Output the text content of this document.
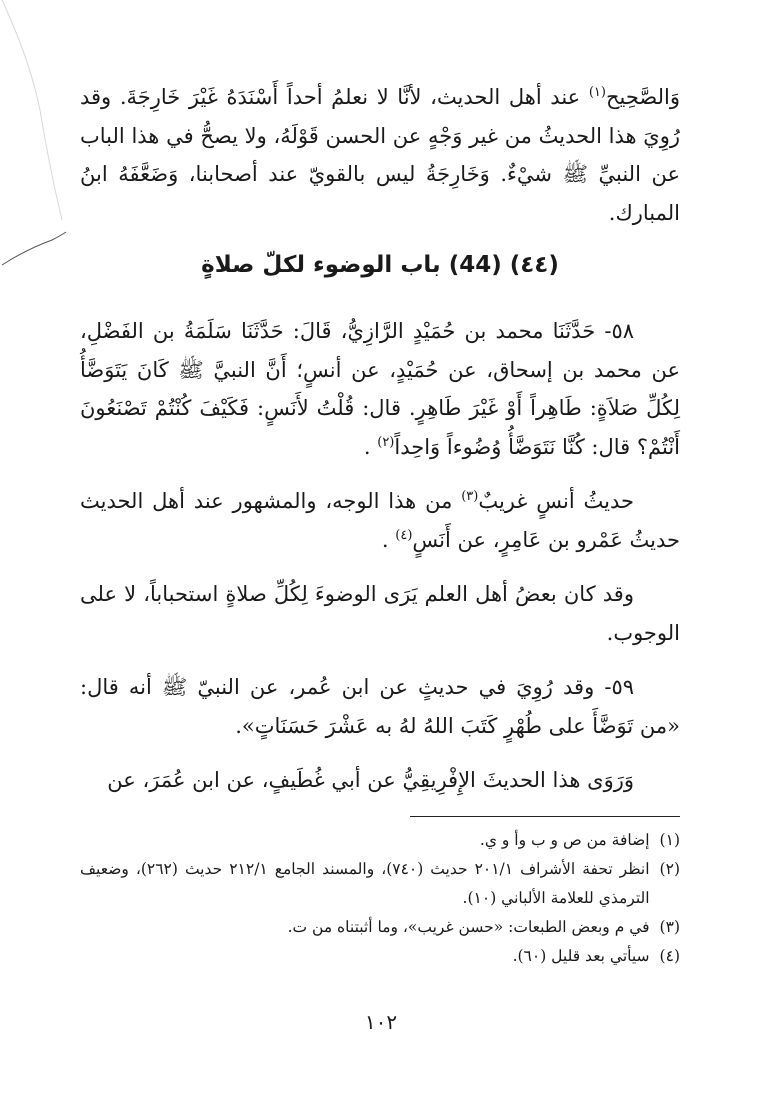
وَالصَّحِيح$^{(١)}$ عند أهل الحديث، لأنَّا لا نعلمُ أحداً أَسْنَدَهُ غَيْرَ خَارِجَةَ. وقد رُوِيَ هذا الحديثُ من غير وَجْهٍ عن الحسن قَوْلَهُ، ولا يصحُّ في هذا الباب عن النبيِّ ﷺ شيْءٌ. وَخَارِجَةُ ليس بالقويّ عند أصحابنا، وَضَعَّفَهُ ابنُ المبارك.

(٤٤) (44) باب الوضوء لكلّ صلاةٍ

٥٨- حَدَّثَنَا محمد بن حُمَيْدٍ الرَّازِيُّ، قَالَ: حَدَّثَنَا سَلَمَةُ بن الفَضْلِ، عن محمد بن إسحاق، عن حُمَيْدٍ، عن أنسٍ؛ أَنَّ النبيَّ ﷺ كَانَ يَتَوَضَّأُ لِكُلِّ صَلاَةٍ: طَاهِراً أَوْ غَيْرَ طَاهِرٍ. قال: قُلْتُ لأَنَسٍ: فَكَيْفَ كُنْتُمْ تَصْنَعُونَ أَنْتُمْ؟ قال: كُنَّا نَتَوَضَّأُ وُضُوءاً وَاحِداً$^{(٢)}$ .

حديثُ أنسٍ غريبٌ$^{(٣)}$ من هذا الوجه، والمشهور عند أهل الحديث حديثُ عَمْرو بن عَامِرٍ، عن أَنَسٍ$^{(٤)}$ .

وقد كان بعضُ أهل العلم يَرَى الوضوءَ لِكُلِّ صلاةٍ استحباباً، لا على الوجوب.

٥٩- وقد رُوِيَ في حديثٍ عن ابن عُمر، عن النبيّ ﷺ أنه قال: «من تَوَضَّأَ على طُهْرٍ كَتَبَ اللهُ لهُ به عَشْرَ حَسَنَاتٍ».

وَرَوَى هذا الحديثَ الإِفْرِيقِيُّ عن أبي غُطَيفٍ، عن ابن عُمَرَ، عن

(١)
إضافة من ص و ب وأ و ي.
(٢)
انظر تحفة الأشراف ٢٠١/١ حديث (٧٤٠)، والمسند الجامع ٢١٢/١ حديث (٢٦٢)، وضعيف الترمذي للعلامة الألباني (١٠).
(٣)
في م وبعض الطبعات: «حسن غريب»، وما أثبتناه من ت.
(٤)
سيأتي بعد قليل (٦٠).
١٠٢
